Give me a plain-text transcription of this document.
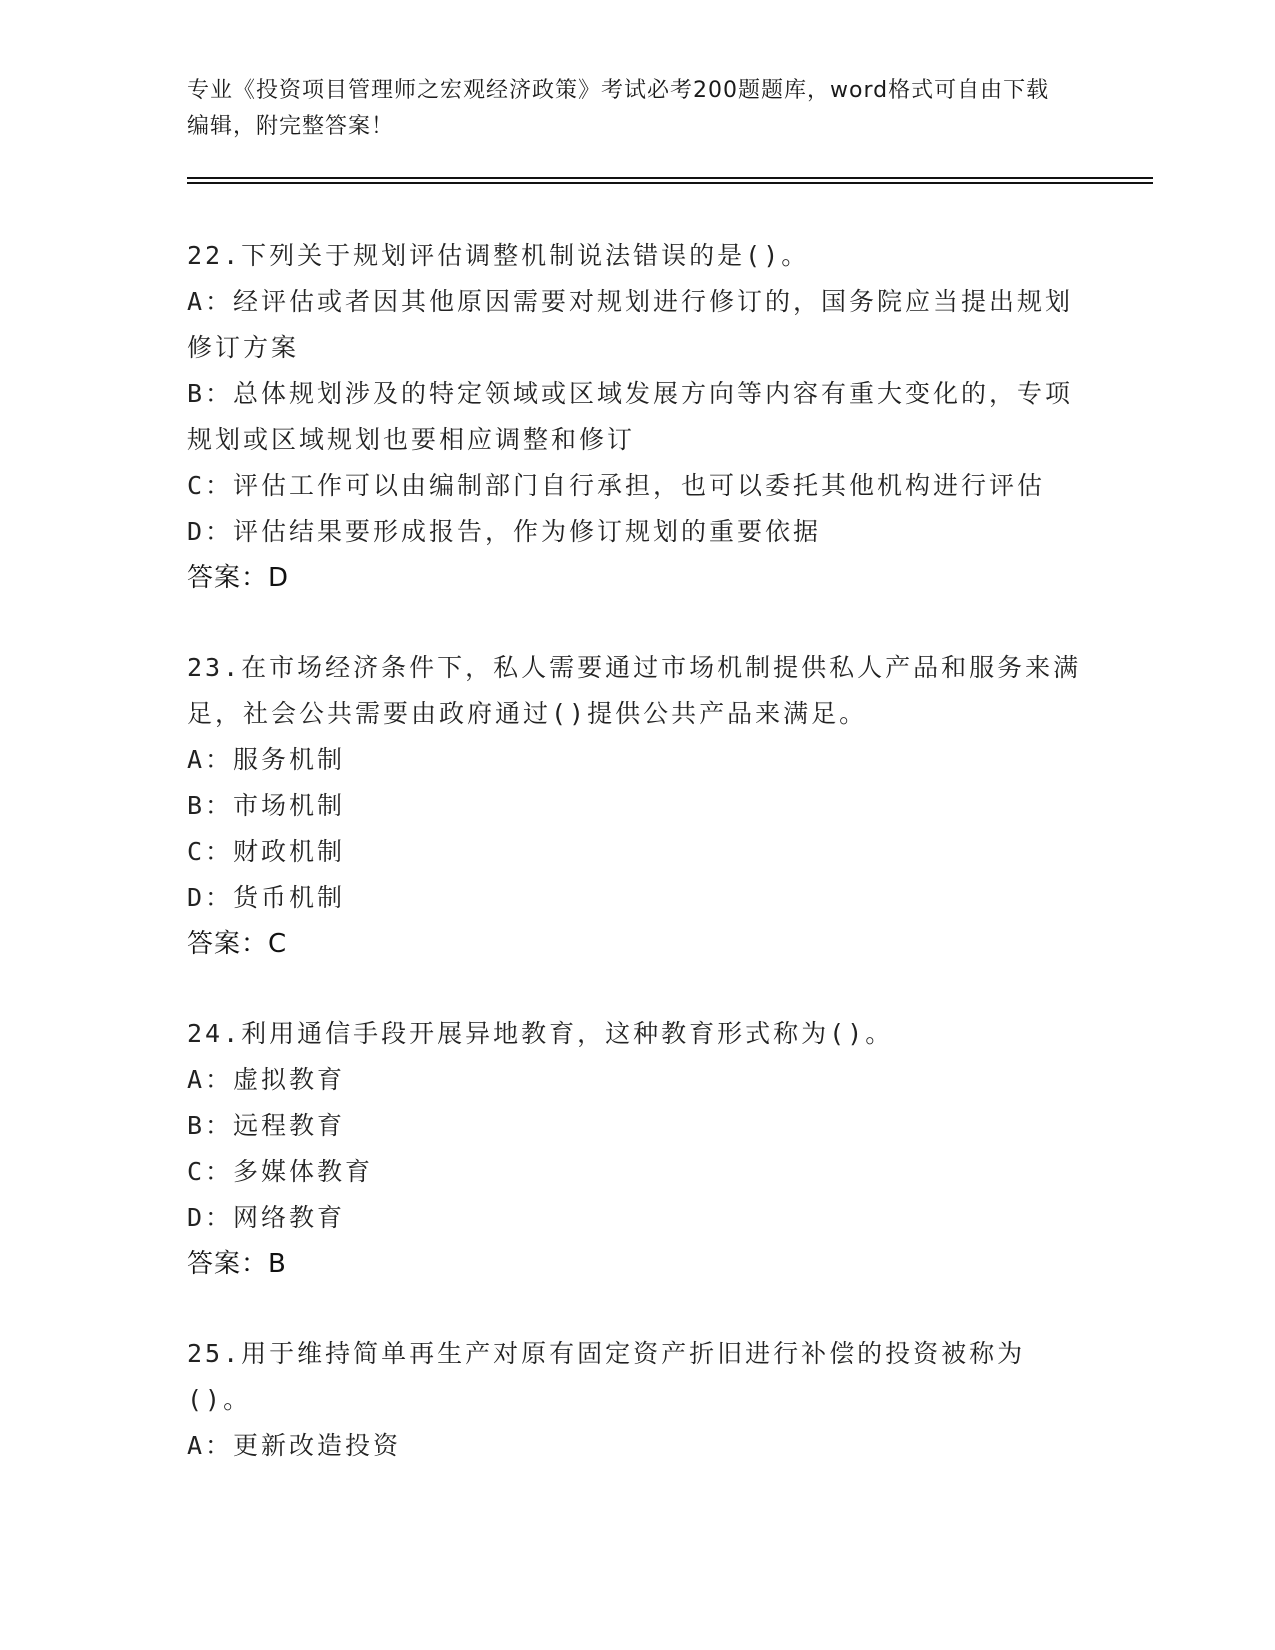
专业《投资项目管理师之宏观经济政策》考试必考200题题库，word格式可自由下载编辑，附完整答案！
22.下列关于规划评估调整机制说法错误的是()。
A：经评估或者因其他原因需要对规划进行修订的，国务院应当提出规划修订方案
B：总体规划涉及的特定领域或区域发展方向等内容有重大变化的，专项规划或区域规划也要相应调整和修订
C：评估工作可以由编制部门自行承担，也可以委托其他机构进行评估
D：评估结果要形成报告，作为修订规划的重要依据
答案：D
23.在市场经济条件下，私人需要通过市场机制提供私人产品和服务来满足，社会公共需要由政府通过()提供公共产品来满足。
A：服务机制
B：市场机制
C：财政机制
D：货币机制
答案：C
24.利用通信手段开展异地教育，这种教育形式称为()。
A：虚拟教育
B：远程教育
C：多媒体教育
D：网络教育
答案：B
25.用于维持简单再生产对原有固定资产折旧进行补偿的投资被称为()。
A：更新改造投资
